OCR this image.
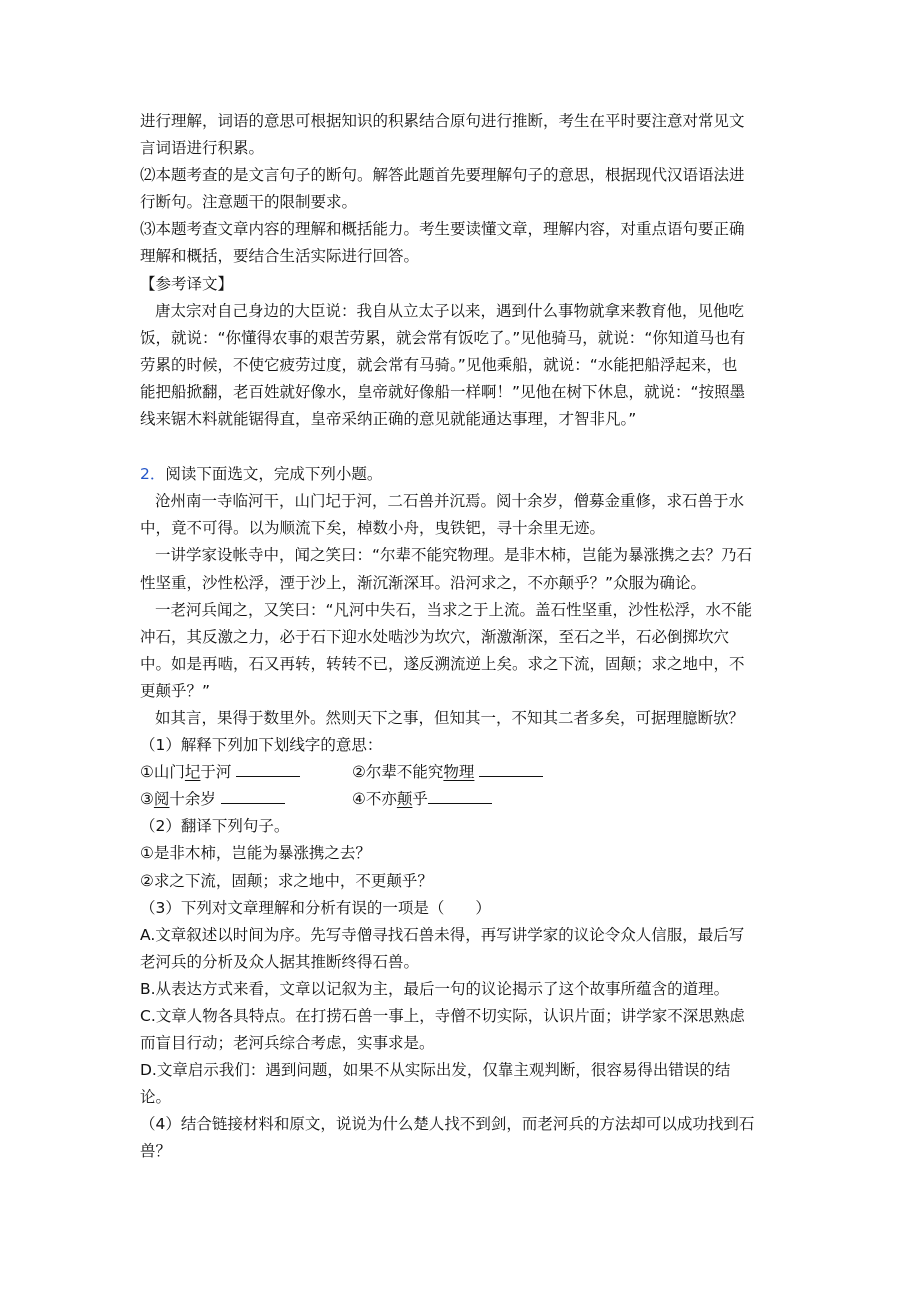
进行理解，词语的意思可根据知识的积累结合原句进行推断，考生在平时要注意对常见文
言词语进行积累。
⑵本题考查的是文言句子的断句。解答此题首先要理解句子的意思，根据现代汉语语法进
行断句。注意题干的限制要求。
⑶本题考查文章内容的理解和概括能力。考生要读懂文章，理解内容，对重点语句要正确
理解和概括，要结合生活实际进行回答。
【参考译文】
唐太宗对自己身边的大臣说：我自从立太子以来，遇到什么事物就拿来教育他，见他吃
饭，就说：“你懂得农事的艰苦劳累，就会常有饭吃了。”见他骑马，就说：“你知道马也有
劳累的时候，不使它疲劳过度，就会常有马骑。”见他乘船，就说：“水能把船浮起来，也
能把船掀翻，老百姓就好像水，皇帝就好像船一样啊！”见他在树下休息，就说：“按照墨
线来锯木料就能锯得直，皇帝采纳正确的意见就能通达事理，才智非凡。”
2．阅读下面选文，完成下列小题。
沧州南一寺临河干，山门圮于河，二石兽并沉焉。阅十余岁，僧募金重修，求石兽于水
中，竟不可得。以为顺流下矣，棹数小舟，曳铁钯，寻十余里无迹。
一讲学家设帐寺中，闻之笑曰：“尔辈不能究物理。是非木柿，岂能为暴涨携之去？乃石
性坚重，沙性松浮，湮于沙上，渐沉渐深耳。沿河求之，不亦颠乎？”众服为确论。
一老河兵闻之，又笑曰：“凡河中失石，当求之于上流。盖石性坚重，沙性松浮，水不能
冲石，其反激之力，必于石下迎水处啮沙为坎穴，渐激渐深，至石之半，石必倒掷坎穴
中。如是再啮，石又再转，转转不已，遂反溯流逆上矣。求之下流，固颠；求之地中，不
更颠乎？”
如其言，果得于数里外。然则天下之事，但知其一，不知其二者多矣，可据理臆断欤？
（1）解释下列加下划线字的意思：
①山门圮于河	②尔辈不能究物理
③阅十余岁	④不亦颠乎
（2）翻译下列句子。
①是非木柿，岂能为暴涨携之去？
②求之下流，固颠；求之地中，不更颠乎？
（3）下列对文章理解和分析有误的一项是（　　）
A.文章叙述以时间为序。先写寺僧寻找石兽未得，再写讲学家的议论令众人信服，最后写
老河兵的分析及众人据其推断终得石兽。
B.从表达方式来看，文章以记叙为主，最后一句的议论揭示了这个故事所蕴含的道理。
C.文章人物各具特点。在打捞石兽一事上，寺僧不切实际，认识片面；讲学家不深思熟虑
而盲目行动；老河兵综合考虑，实事求是。
D.文章启示我们：遇到问题，如果不从实际出发，仅靠主观判断，很容易得出错误的结
论。
（4）结合链接材料和原文，说说为什么楚人找不到剑，而老河兵的方法却可以成功找到石
兽？
